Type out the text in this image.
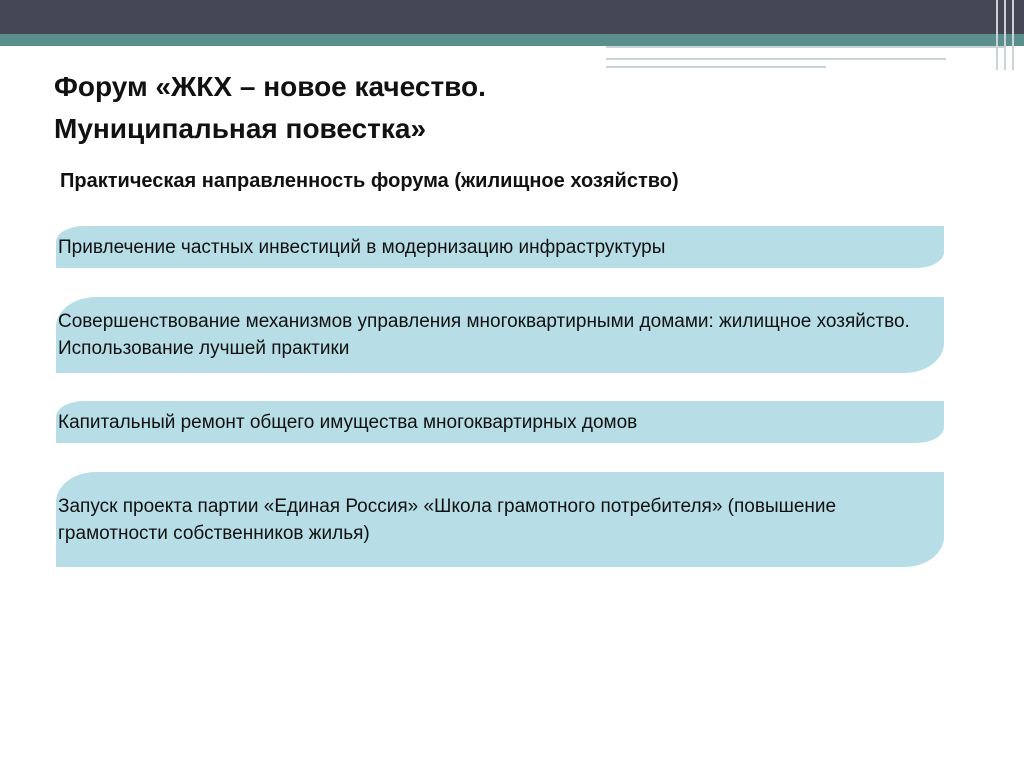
Форум «ЖКХ – новое качество. Муниципальная повестка»

Практическая направленность форума (жилищное хозяйство)

Привлечение частных инвестиций в модернизацию инфраструктуры
Совершенствование механизмов управления многоквартирными домами: жилищное хозяйство. Использование лучшей практики
Капитальный ремонт общего имущества многоквартирных домов
Запуск проекта партии «Единая Россия» «Школа грамотного потребителя» (повышение грамотности собственников жилья)
